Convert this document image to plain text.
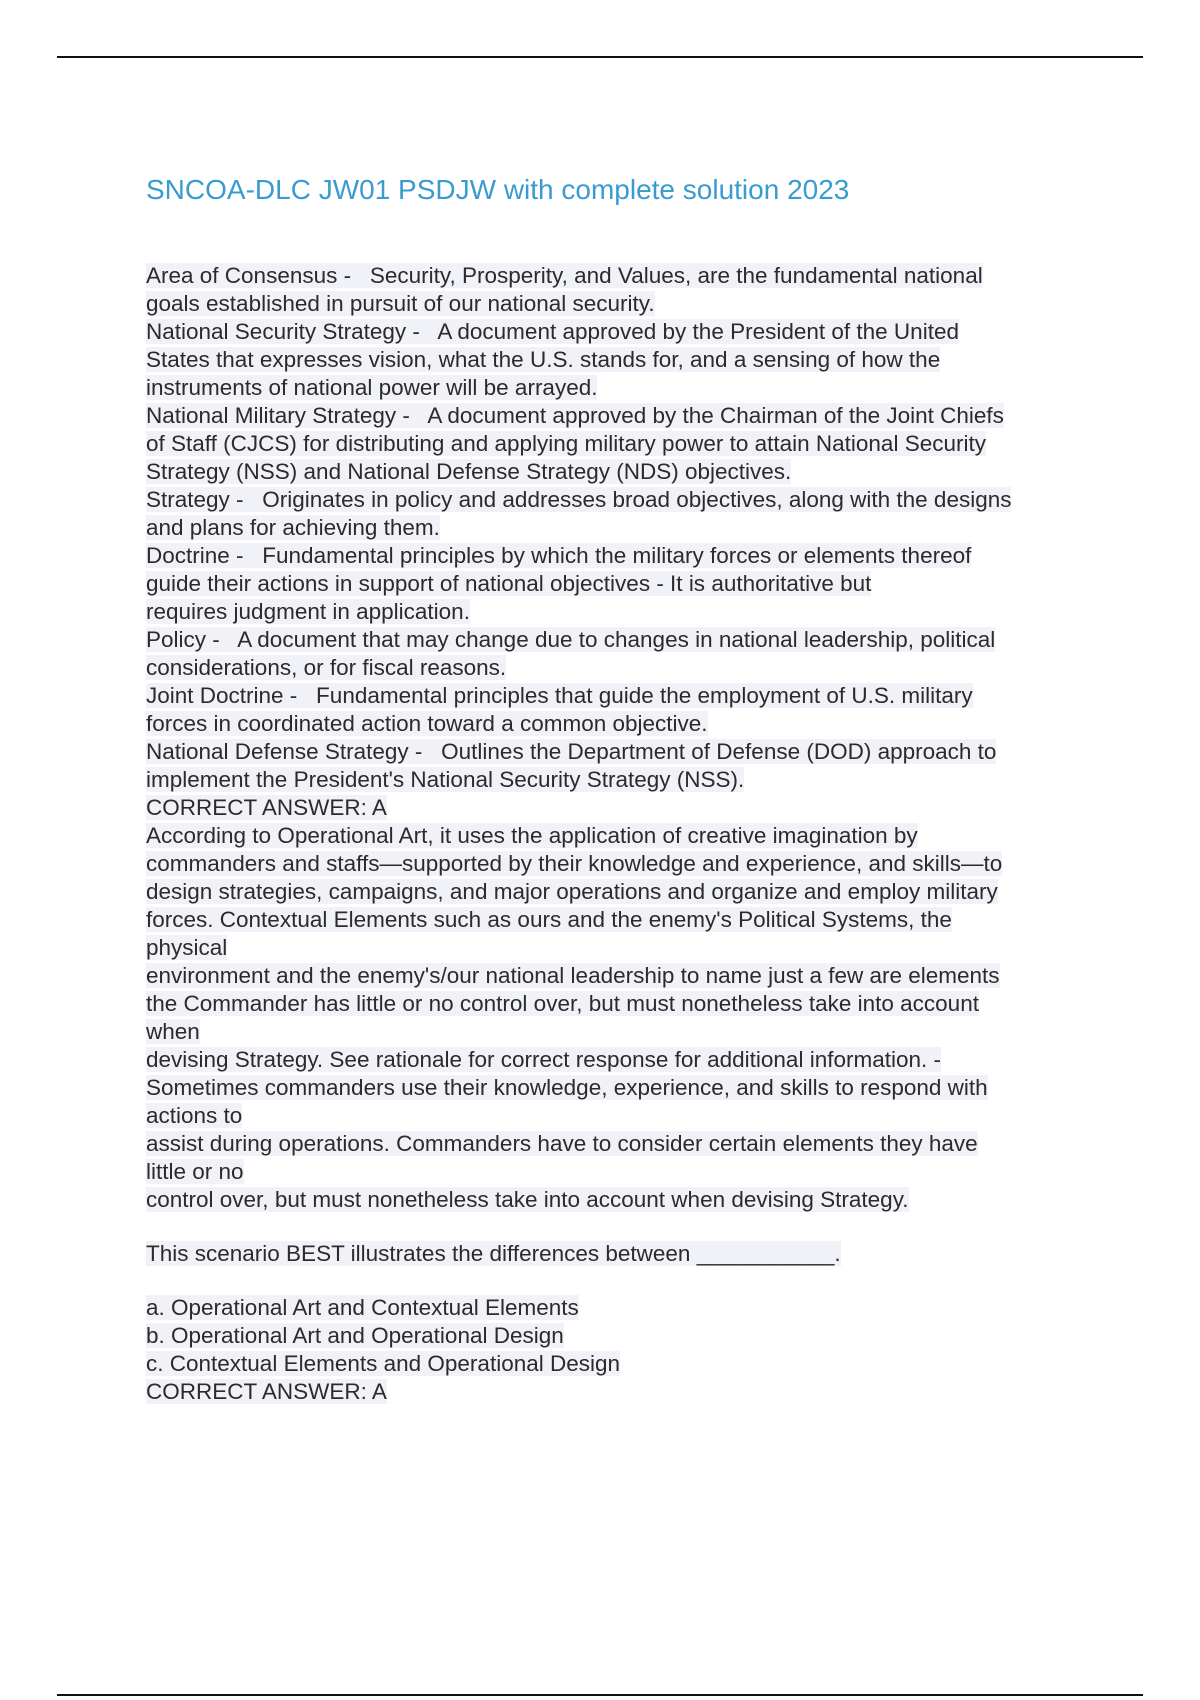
SNCOA-DLC JW01 PSDJW with complete solution 2023
Area of Consensus -   Security, Prosperity, and Values, are the fundamental national
goals established in pursuit of our national security.
National Security Strategy -   A document approved by the President of the United
States that expresses vision, what the U.S. stands for, and a sensing of how the
instruments of national power will be arrayed.
National Military Strategy -   A document approved by the Chairman of the Joint Chiefs
of Staff (CJCS) for distributing and applying military power to attain National Security
Strategy (NSS) and National Defense Strategy (NDS) objectives.
Strategy -   Originates in policy and addresses broad objectives, along with the designs
and plans for achieving them.
Doctrine -   Fundamental principles by which the military forces or elements thereof
guide their actions in support of national objectives - It is authoritative but
requires judgment in application.
Policy -   A document that may change due to changes in national leadership, political
considerations, or for fiscal reasons.
Joint Doctrine -   Fundamental principles that guide the employment of U.S. military
forces in coordinated action toward a common objective.
National Defense Strategy -   Outlines the Department of Defense (DOD) approach to
implement the President's National Security Strategy (NSS).
CORRECT ANSWER: A
According to Operational Art, it uses the application of creative imagination by
commanders and staffs—supported by their knowledge and experience, and skills—to
design strategies, campaigns, and major operations and organize and employ military
forces. Contextual Elements such as ours and the enemy's Political Systems, the
physical
environment and the enemy's/our national leadership to name just a few are elements
the Commander has little or no control over, but must nonetheless take into account
when
devising Strategy. See rationale for correct response for additional information. -
Sometimes commanders use their knowledge, experience, and skills to respond with
actions to
assist during operations. Commanders have to consider certain elements they have
little or no
control over, but must nonetheless take into account when devising Strategy.
This scenario BEST illustrates the differences between ___________.
a. Operational Art and Contextual Elements
b. Operational Art and Operational Design
c. Contextual Elements and Operational Design
CORRECT ANSWER: A
